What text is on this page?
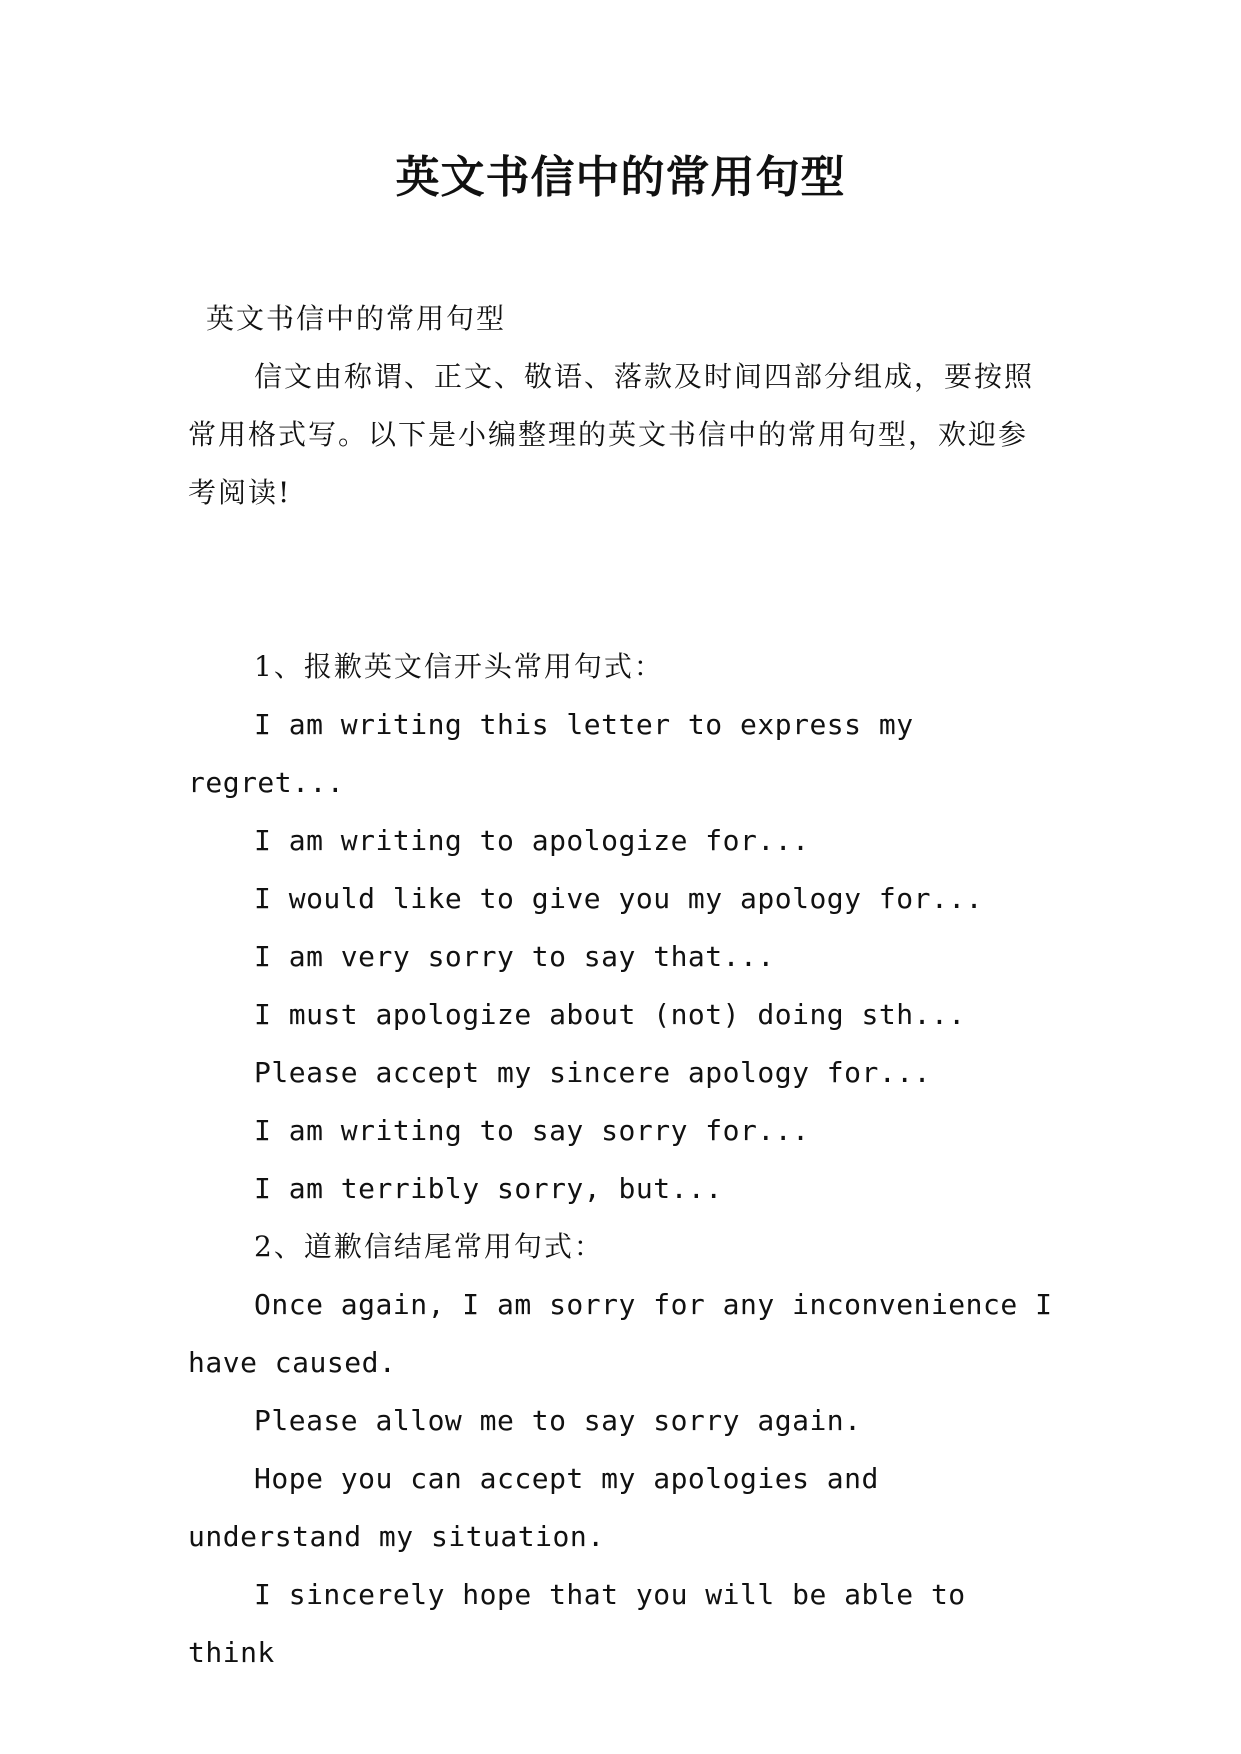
英文书信中的常用句型

英文书信中的常用句型

信文由称谓、正文、敬语、落款及时间四部分组成，要按照常用格式写。以下是小编整理的英文书信中的常用句型，欢迎参考阅读!

1、报歉英文信开头常用句式：

I am writing this letter to express my regret...

I am writing to apologize for...

I would like to give you my apology for...

I am very sorry to say that...

I must apologize about (not) doing sth...

Please accept my sincere apology for...

I am writing to say sorry for...

I am terribly sorry, but...

2、道歉信结尾常用句式：

Once again, I am sorry for any inconvenience I have caused.

Please allow me to say sorry again.

Hope you can accept my apologies and understand my situation.

I sincerely hope that you will be able to think
